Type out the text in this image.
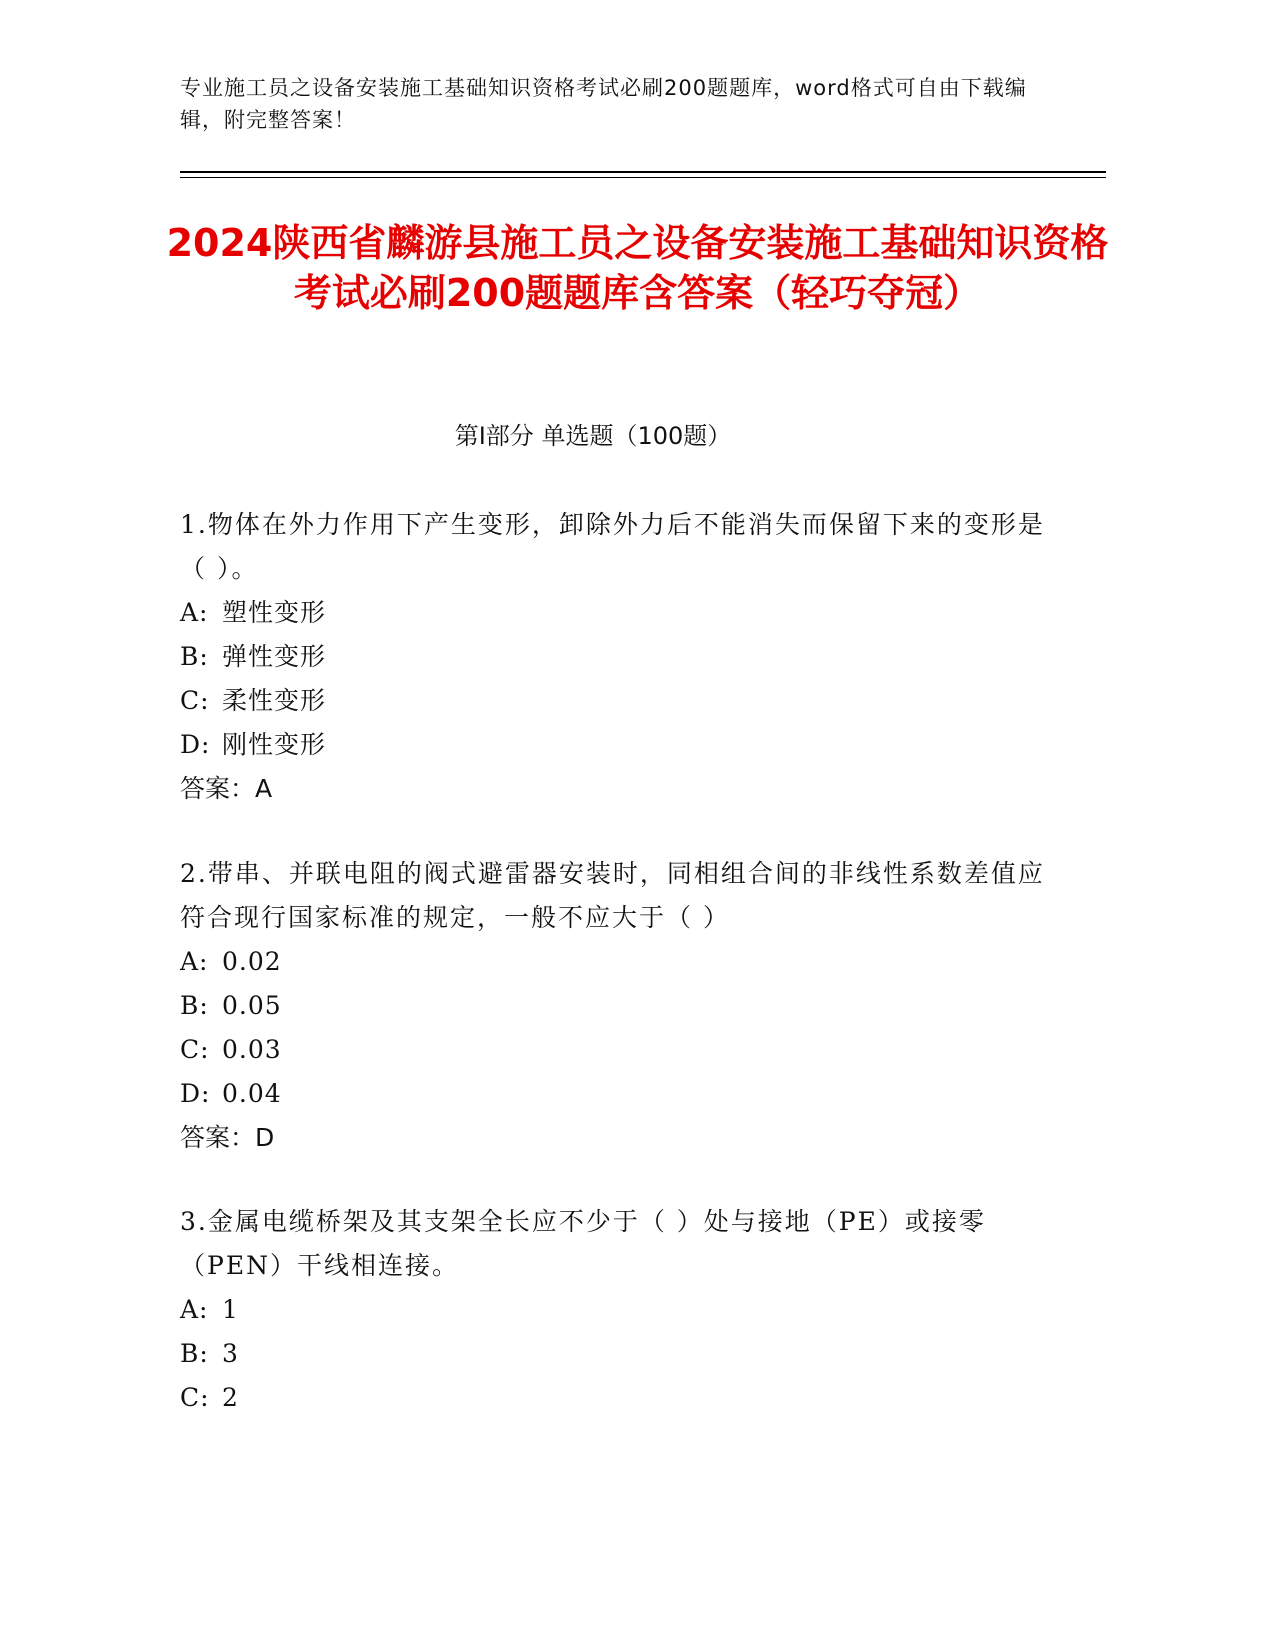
专业施工员之设备安装施工基础知识资格考试必刷200题题库，word格式可自由下载编辑，附完整答案！
2024陕西省麟游县施工员之设备安装施工基础知识资格考试必刷200题题库含答案（轻巧夺冠）
第I部分 单选题（100题）
1.物体在外力作用下产生变形，卸除外力后不能消失而保留下来的变形是（ ）。
A: 塑性变形
B: 弹性变形
C: 柔性变形
D: 刚性变形
答案：A
2.带串、并联电阻的阀式避雷器安装时，同相组合间的非线性系数差值应符合现行国家标准的规定，一般不应大于（ ）
A: 0.02
B: 0.05
C: 0.03
D: 0.04
答案：D
3.金属电缆桥架及其支架全长应不少于（ ）处与接地（PE）或接零（PEN）干线相连接。
A: 1
B: 3
C: 2
